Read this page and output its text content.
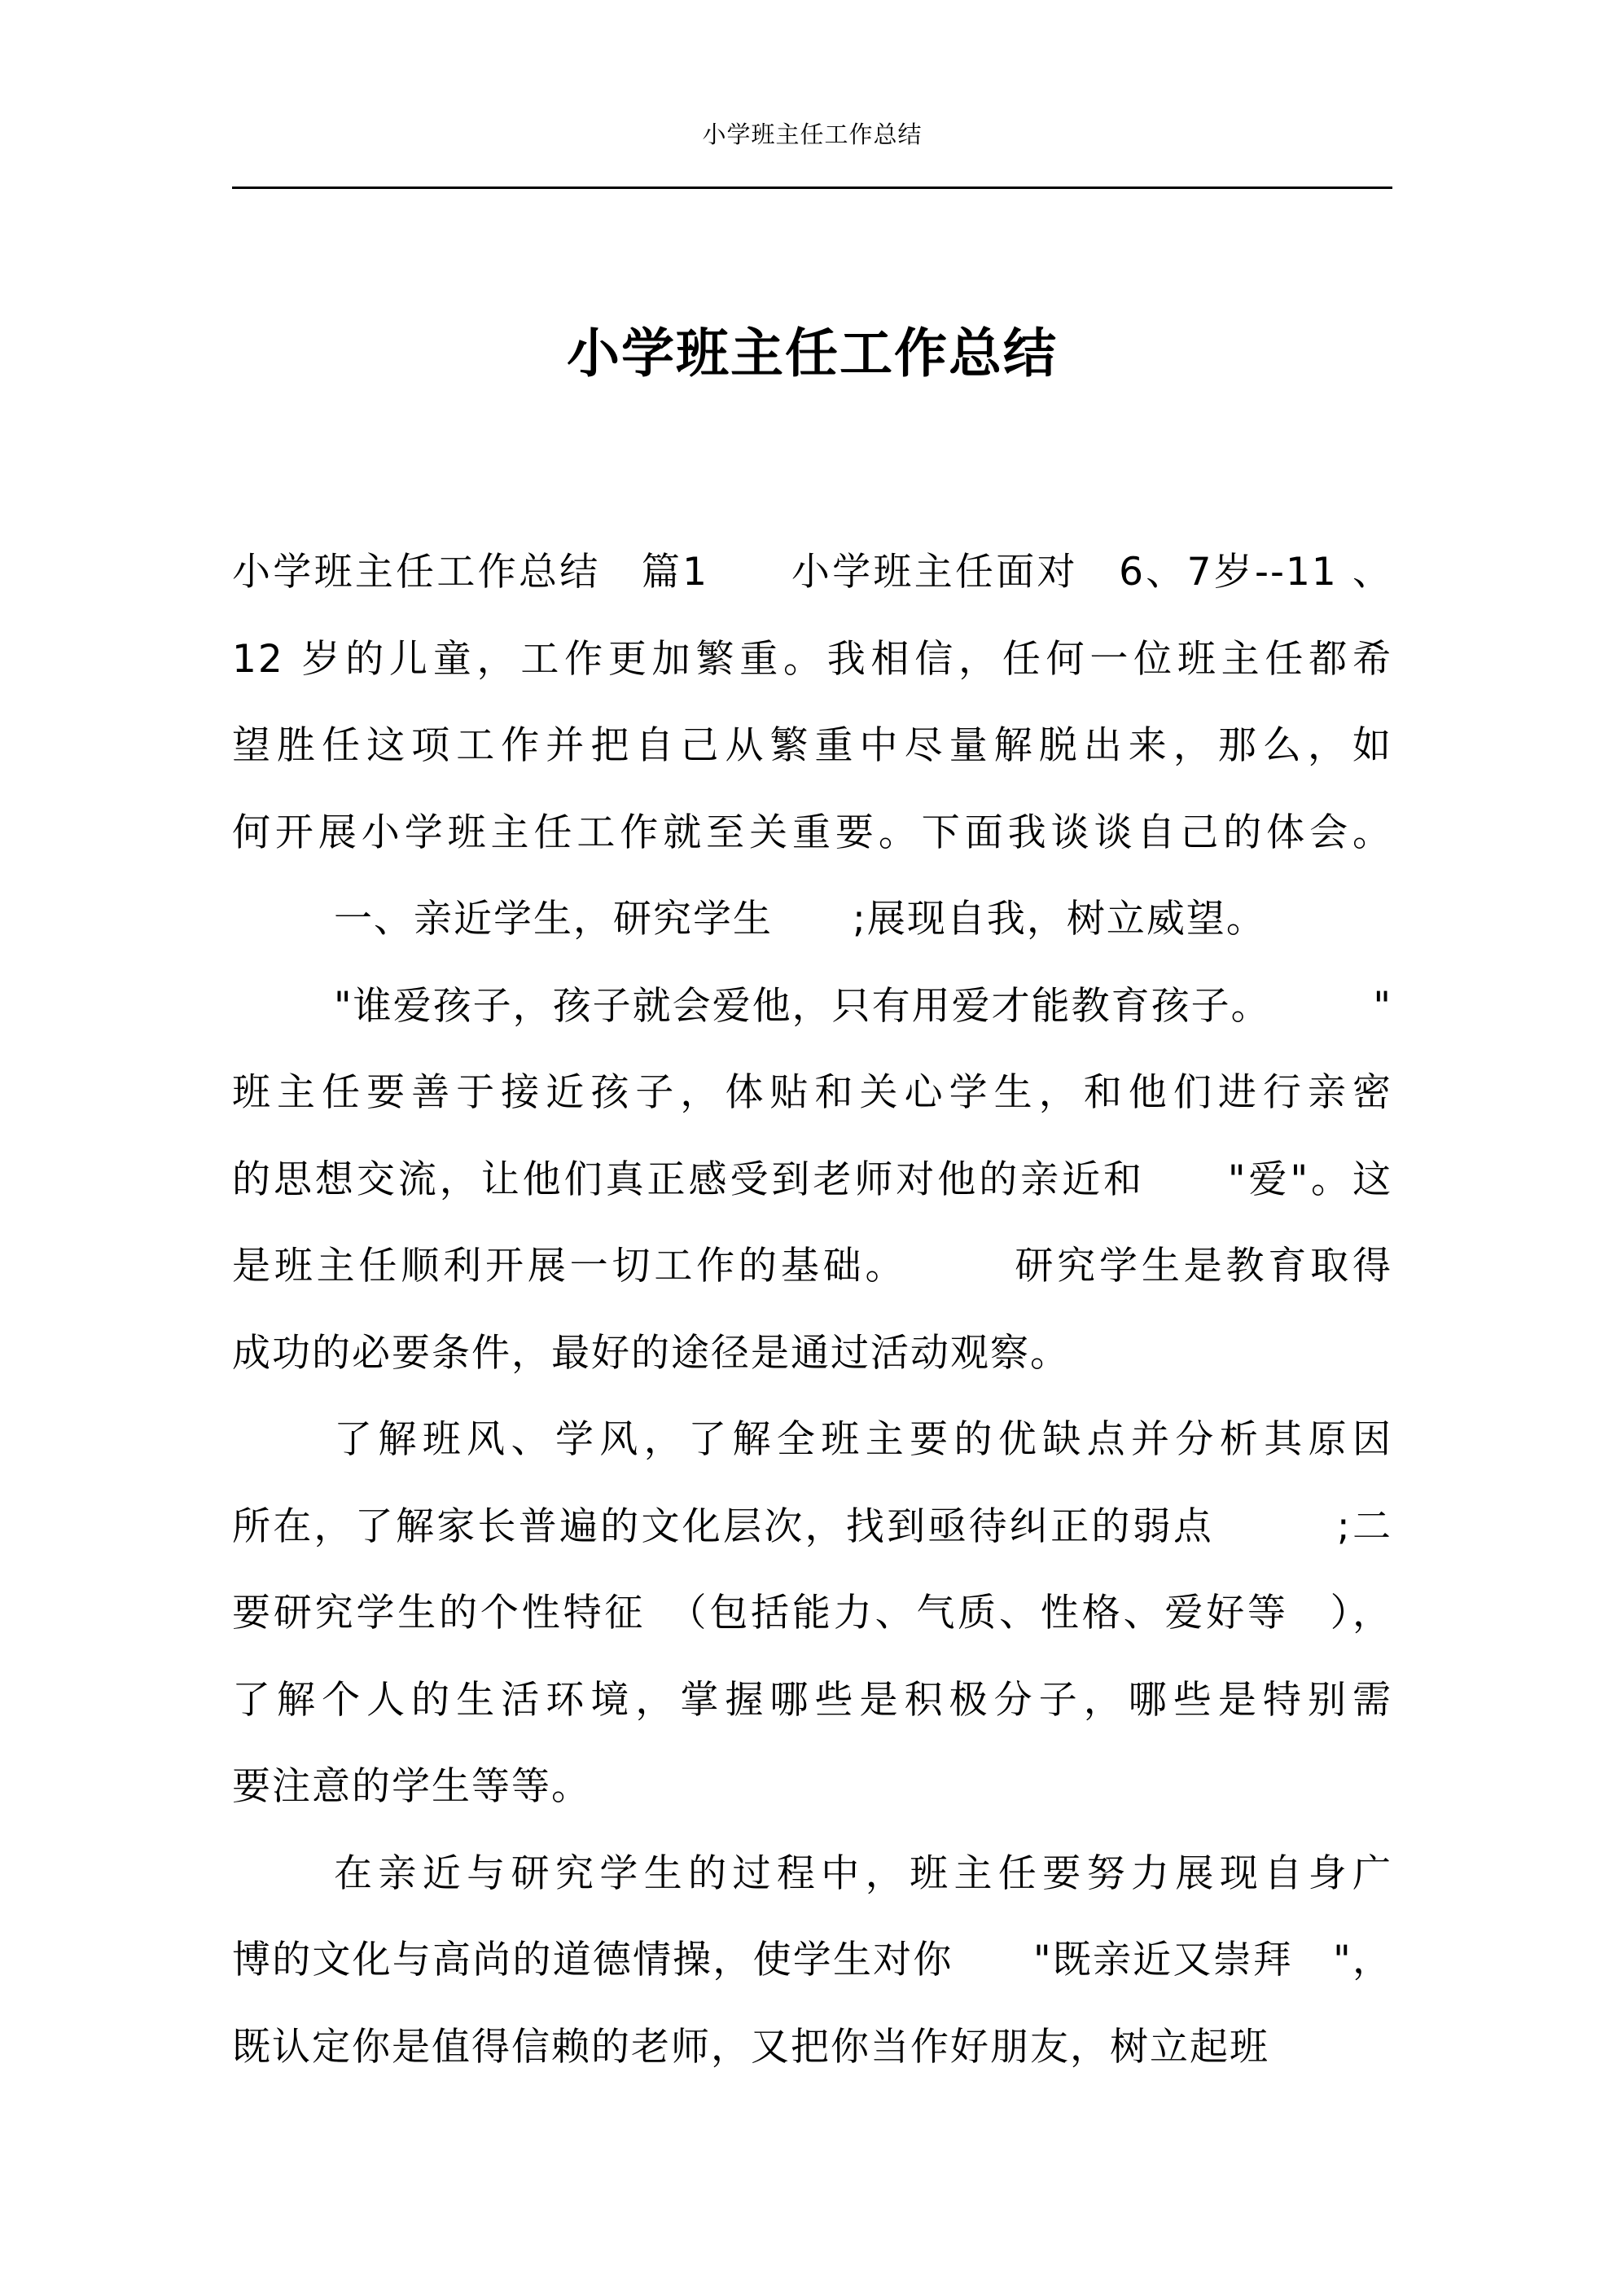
小学班主任工作总结
小学班主任工作总结
小学班主任工作总结　篇1　　小学班主任面对　6、7岁--11 、
12 岁的儿童，工作更加繁重。我相信，任何一位班主任都希
望胜任这项工作并把自己从繁重中尽量解脱出来，那么，如
何开展小学班主任工作就至关重要。下面我谈谈自己的体会。
一、亲近学生，研究学生　　;展现自我，树立威望。
"谁爱孩子，孩子就会爱他，只有用爱才能教育孩子。	"
班主任要善于接近孩子，体贴和关心学生，和他们进行亲密
的思想交流，让他们真正感受到老师对他的亲近和　　"爱"。这
是班主任顺利开展一切工作的基础。　　　研究学生是教育取得
成功的必要条件，最好的途径是通过活动观察。
了解班风、学风，了解全班主要的优缺点并分析其原因
所在，了解家长普遍的文化层次，找到亟待纠正的弱点　　　;二
要研究学生的个性特征　（包括能力、气质、性格、爱好等　），
了解个人的生活环境，掌握哪些是积极分子，哪些是特别需
要注意的学生等等。
在亲近与研究学生的过程中，班主任要努力展现自身广
博的文化与高尚的道德情操，使学生对你　　"既亲近又崇拜　"，
既认定你是值得信赖的老师，又把你当作好朋友，树立起班
